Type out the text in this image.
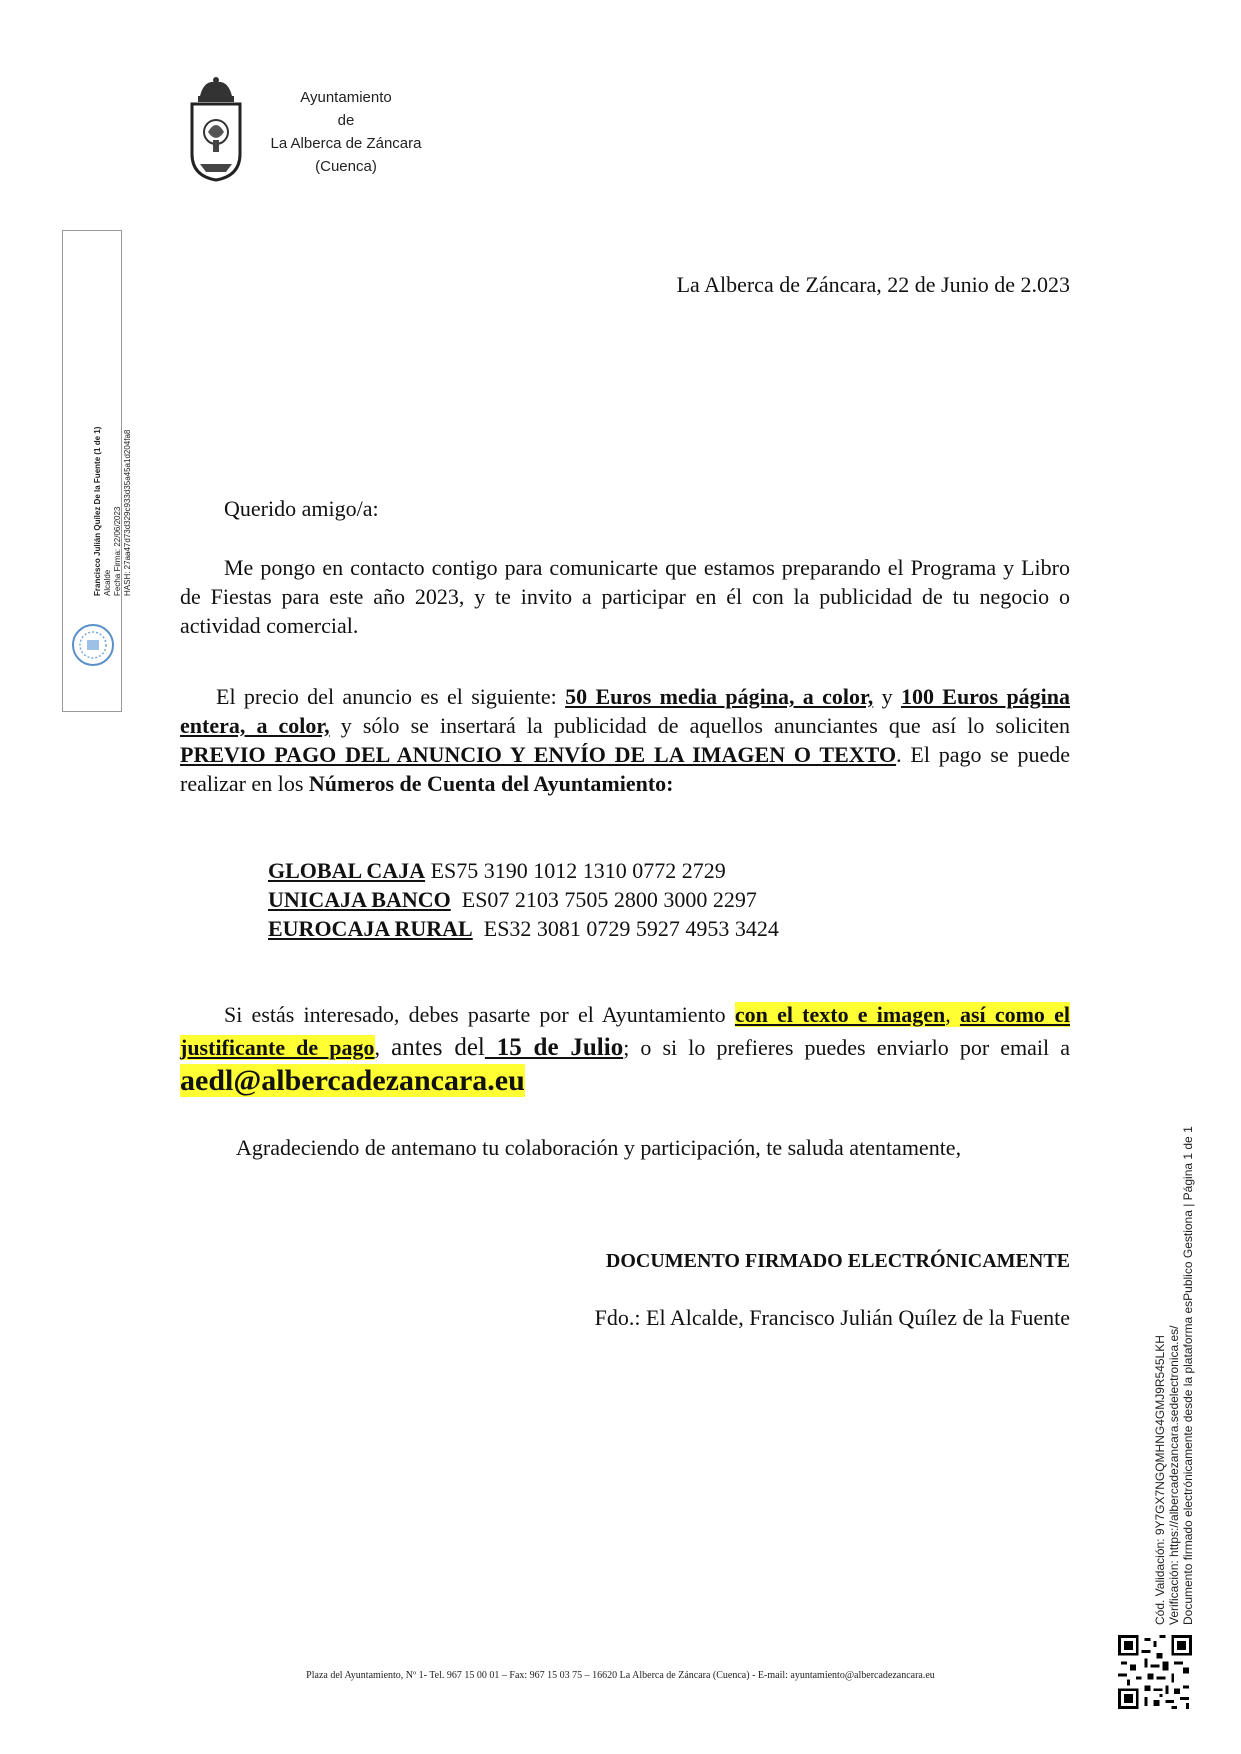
Ayuntamiento
de
La Alberca de Záncara
(Cuenca)
Francisco Julián Quílez De la Fuente (1 de 1) Alcalde Fecha Firma: 22/06/2023 HASH: 27aa47d73d329c933d35a45a1d204fa8
La Alberca de Záncara, 22 de Junio de 2.023
Querido amigo/a:
Me pongo en contacto contigo para comunicarte que estamos preparando el Programa y Libro de Fiestas para este año 2023, y te invito a participar en él con la publicidad de tu negocio o actividad comercial.
El precio del anuncio es el siguiente: 50 Euros media página, a color, y 100 Euros página entera, a color, y sólo se insertará la publicidad de aquellos anunciantes que así lo soliciten PREVIO PAGO DEL ANUNCIO Y ENVÍO DE LA IMAGEN O TEXTO. El pago se puede realizar en los Números de Cuenta del Ayuntamiento:
GLOBAL CAJA ES75 3190 1012 1310 0772 2729
UNICAJA BANCO  ES07 2103 7505 2800 3000 2297
EUROCAJA RURAL  ES32 3081 0729 5927 4953 3424
Si estás interesado, debes pasarte por el Ayuntamiento con el texto e imagen, así como el justificante de pago, antes del 15 de Julio; o si lo prefieres puedes enviarlo por email a aedl@albercadezancara.eu
Agradeciendo de antemano tu colaboración y participación, te saluda atentamente,
DOCUMENTO FIRMADO ELECTRÓNICAMENTE
Fdo.: El Alcalde, Francisco Julián Quílez de la Fuente
Plaza del Ayuntamiento, Nº 1- Tel. 967 15 00 01 – Fax: 967 15 03 75 – 16620 La Alberca de Záncara (Cuenca) - E-mail: ayuntamiento@albercadezancara.eu
Cód. Validación: 9Y7GX7NGQMHNG4GMJ9R545LKH Verificación: https://albercadezancara.sedelectronica.es/ Documento firmado electrónicamente desde la plataforma esPublico Gestiona | Página 1 de 1
